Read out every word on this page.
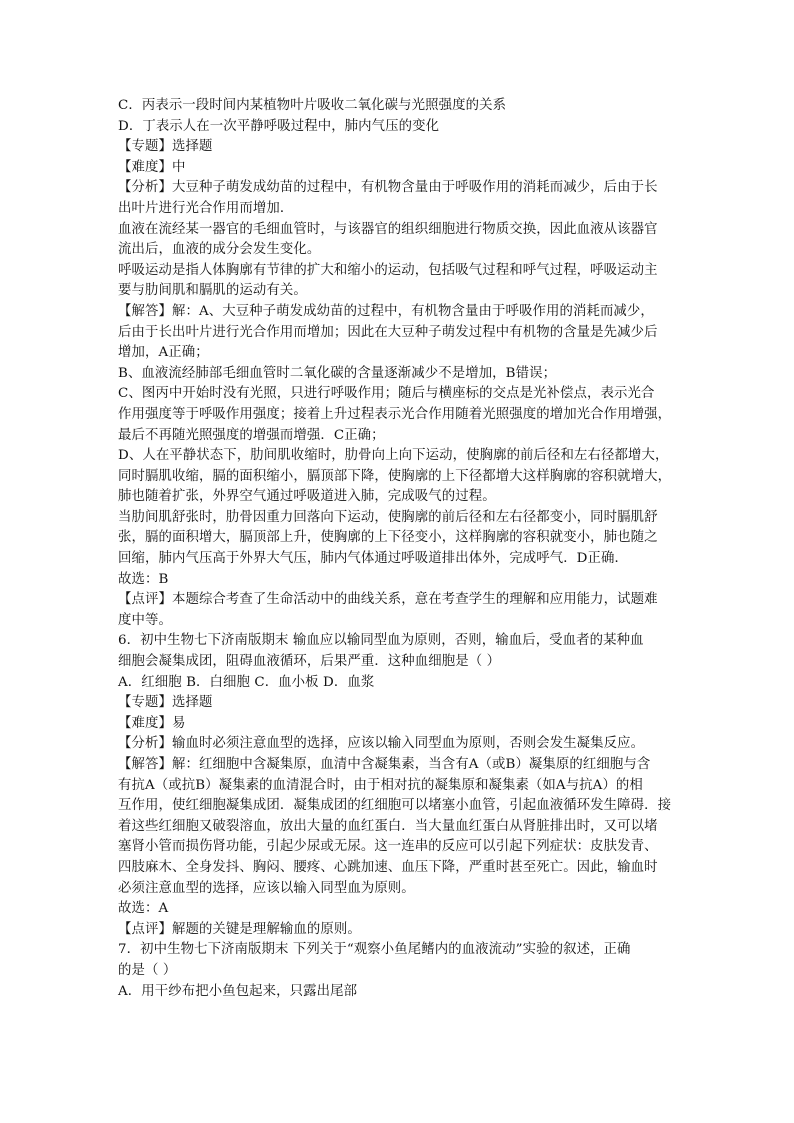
C．丙表示一段时间内某植物叶片吸收二氧化碳与光照强度的关系
D．丁表示人在一次平静呼吸过程中，肺内气压的变化
【专题】选择题
【难度】中
【分析】大豆种子萌发成幼苗的过程中，有机物含量由于呼吸作用的消耗而减少，后由于长
出叶片进行光合作用而增加．
血液在流经某一器官的毛细血管时，与该器官的组织细胞进行物质交换，因此血液从该器官
流出后，血液的成分会发生变化。
呼吸运动是指人体胸廓有节律的扩大和缩小的运动，包括吸气过程和呼气过程，呼吸运动主
要与肋间肌和膈肌的运动有关。
【解答】解：A、大豆种子萌发成幼苗的过程中，有机物含量由于呼吸作用的消耗而减少，
后由于长出叶片进行光合作用而增加；因此在大豆种子萌发过程中有机物的含量是先减少后
增加，A正确；
B、血液流经肺部毛细血管时二氧化碳的含量逐渐减少不是增加，B错误；
C、图丙中开始时没有光照，只进行呼吸作用；随后与横座标的交点是光补偿点，表示光合
作用强度等于呼吸作用强度；接着上升过程表示光合作用随着光照强度的增加光合作用增强，
最后不再随光照强度的增强而增强．C正确；
D、人在平静状态下，肋间肌收缩时，肋骨向上向下运动，使胸廓的前后径和左右径都增大，
同时膈肌收缩，膈的面积缩小，膈顶部下降，使胸廓的上下径都增大这样胸廓的容积就增大，
肺也随着扩张，外界空气通过呼吸道进入肺，完成吸气的过程。
当肋间肌舒张时，肋骨因重力回落向下运动，使胸廓的前后径和左右径都变小，同时膈肌舒
张，膈的面积增大，膈顶部上升，使胸廓的上下径变小，这样胸廓的容积就变小，肺也随之
回缩，肺内气压高于外界大气压，肺内气体通过呼吸道排出体外，完成呼气．D正确．
故选：B
【点评】本题综合考查了生命活动中的曲线关系，意在考查学生的理解和应用能力，试题难
度中等。
6．初中生物七下济南版期末 输血应以输同型血为原则，否则，输血后，受血者的某种血
细胞会凝集成团，阻碍血液循环，后果严重．这种血细胞是（ ）
A．红细胞 B．白细胞 C．血小板 D．血浆
【专题】选择题
【难度】易
【分析】输血时必须注意血型的选择，应该以输入同型血为原则，否则会发生凝集反应。
【解答】解：红细胞中含凝集原，血清中含凝集素，当含有A（或B）凝集原的红细胞与含
有抗A（或抗B）凝集素的血清混合时，由于相对抗的凝集原和凝集素（如A与抗A）的相
互作用，使红细胞凝集成团．凝集成团的红细胞可以堵塞小血管，引起血液循环发生障碍．接
着这些红细胞又破裂溶血，放出大量的血红蛋白．当大量血红蛋白从肾脏排出时，又可以堵
塞肾小管而损伤肾功能，引起少尿或无尿。这一连串的反应可以引起下列症状：皮肤发青、
四肢麻木、全身发抖、胸闷、腰疼、心跳加速、血压下降，严重时甚至死亡。因此，输血时
必须注意血型的选择，应该以输入同型血为原则。
故选：A
【点评】解题的关键是理解输血的原则。
7．初中生物七下济南版期末 下列关于“观察小鱼尾鳍内的血液流动”实验的叙述，正确
的是（ ）
A．用干纱布把小鱼包起来，只露出尾部
